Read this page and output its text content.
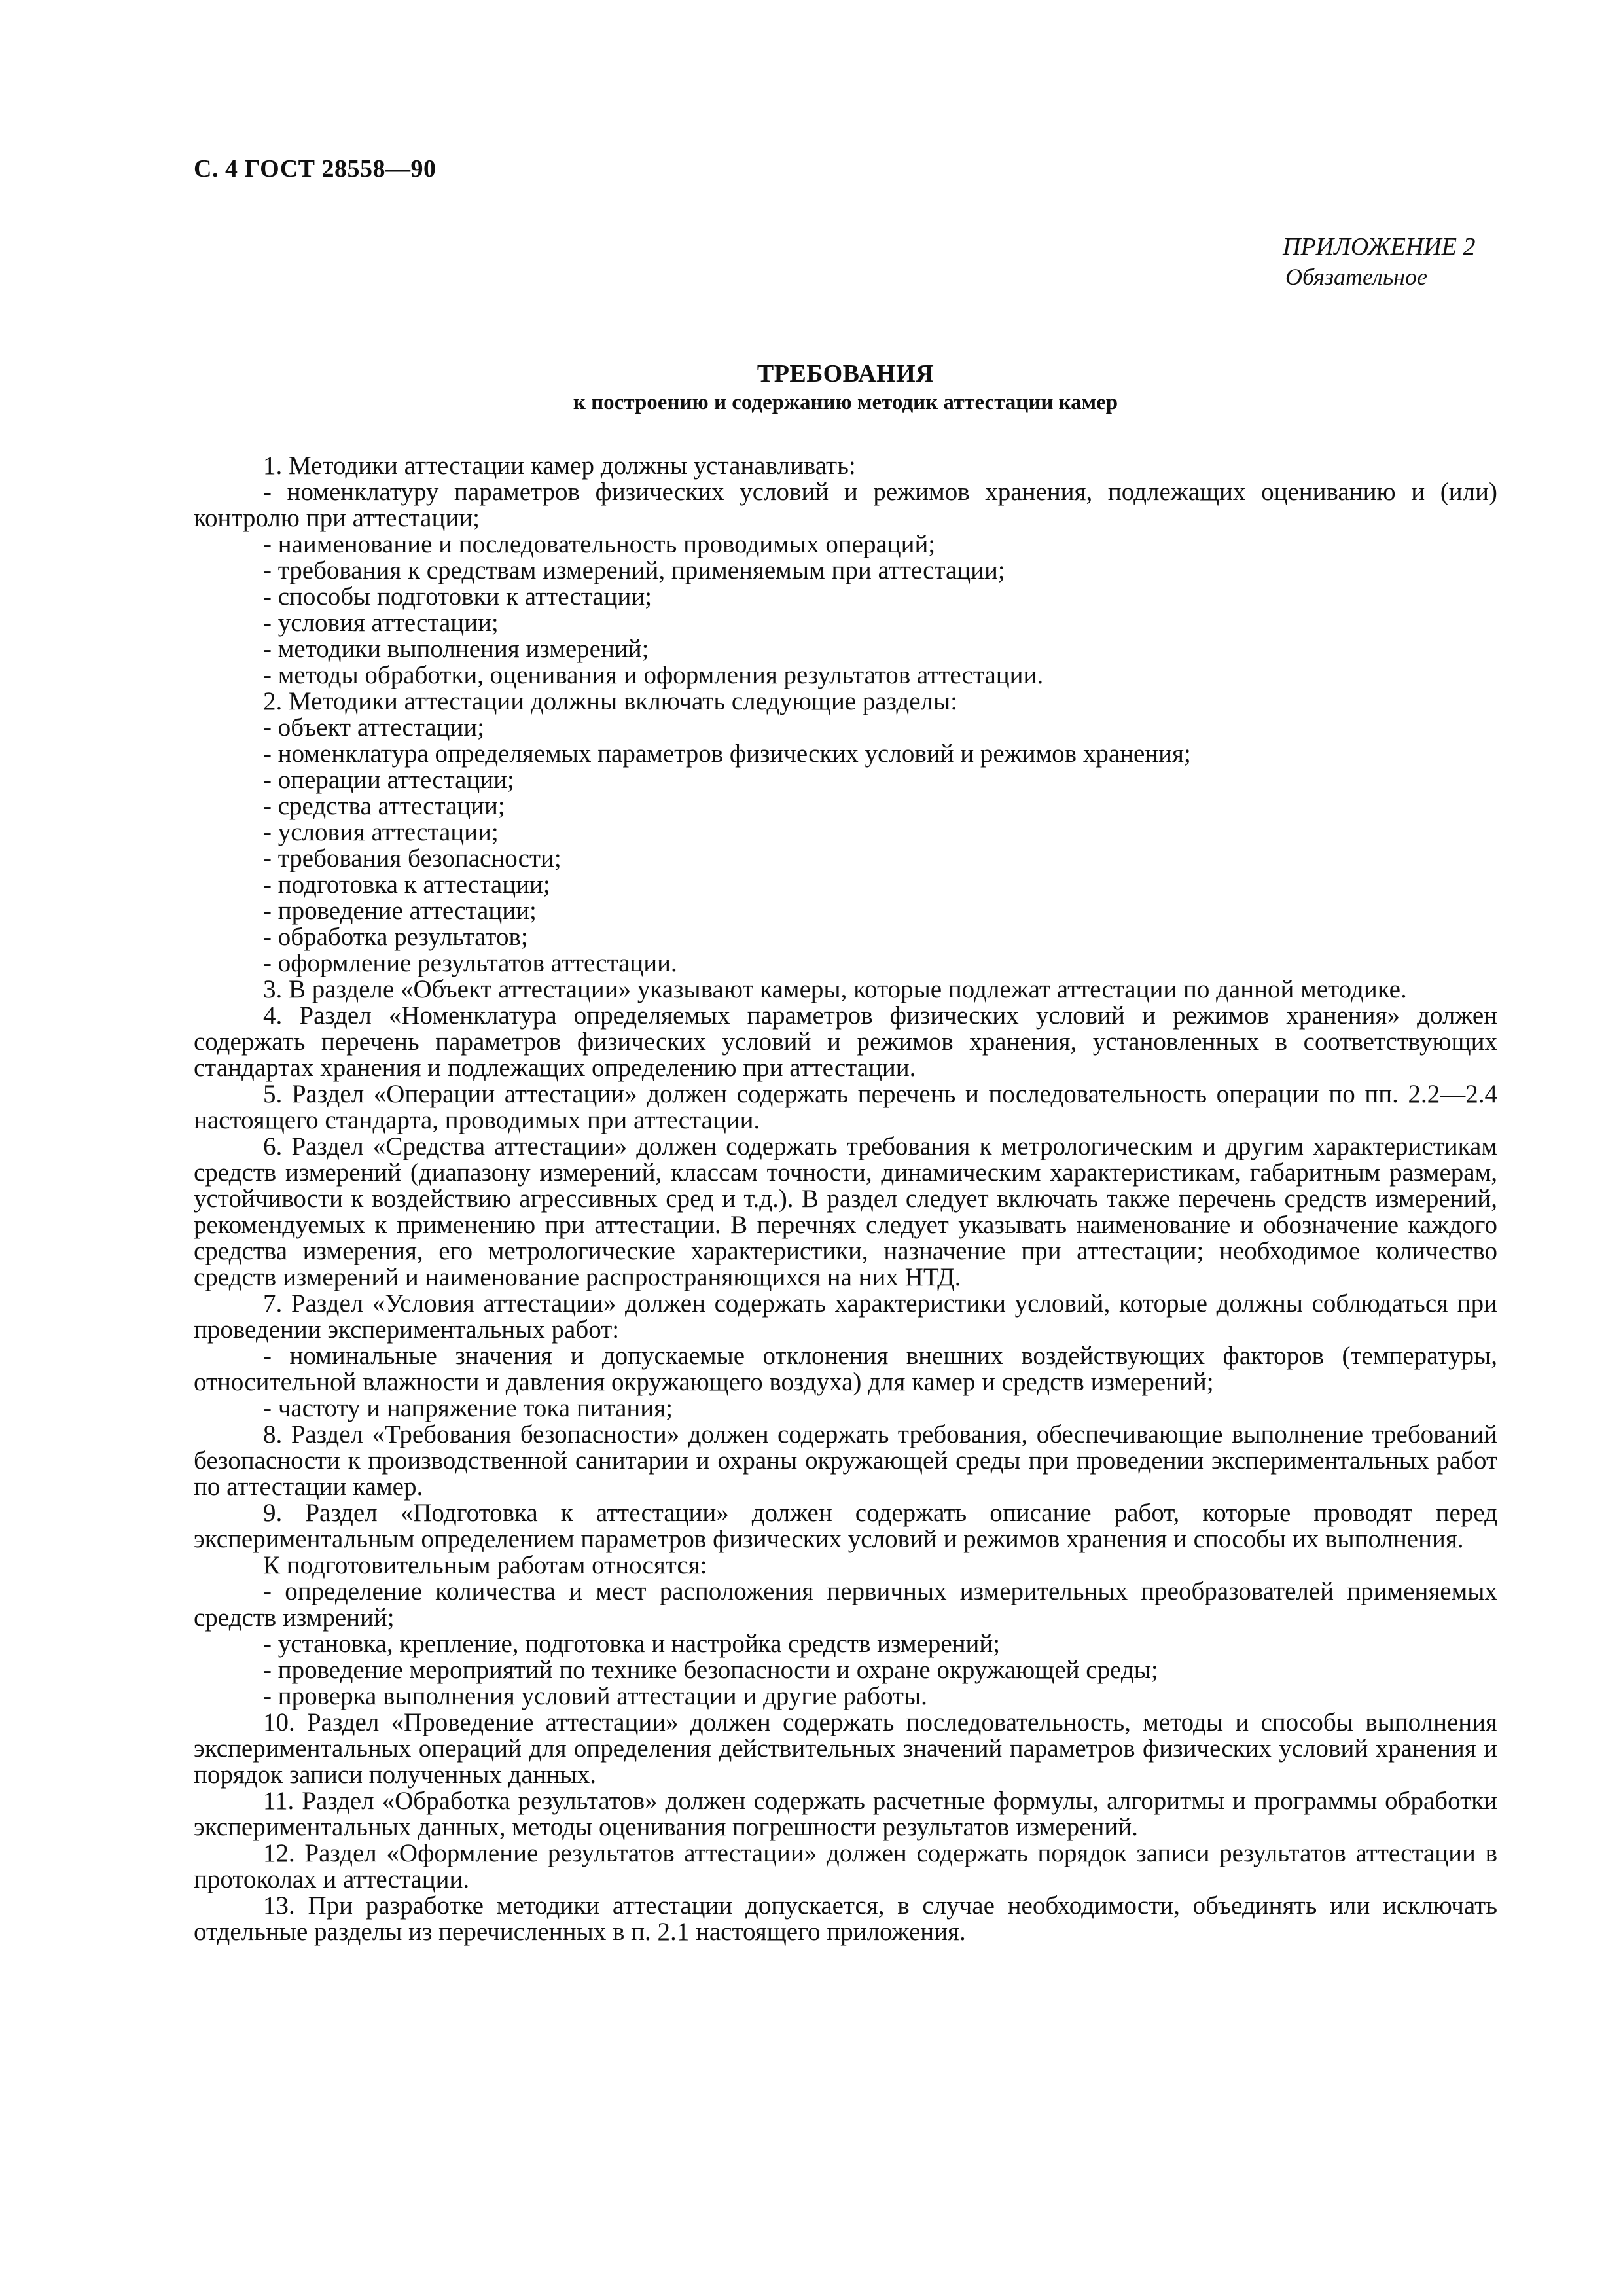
С. 4 ГОСТ 28558—90
ПРИЛОЖЕНИЕ 2
Обязательное
ТРЕБОВАНИЯ
к построению и содержанию методик аттестации камер

1. Методики аттестации камер должны устанавливать:

- номенклатуру параметров физических условий и режимов хранения, подлежащих оцениванию и (или) контролю при аттестации;

- наименование и последовательность проводимых операций;

- требования к средствам измерений, применяемым при аттестации;

- способы подготовки к аттестации;

- условия аттестации;

- методики выполнения измерений;

- методы обработки, оценивания и оформления результатов аттестации.

2. Методики аттестации должны включать следующие разделы:

- объект аттестации;

- номенклатура определяемых параметров физических условий и режимов хранения;

- операции аттестации;

- средства аттестации;

- условия аттестации;

- требования безопасности;

- подготовка к аттестации;

- проведение аттестации;

- обработка результатов;

- оформление результатов аттестации.

3. В разделе «Объект аттестации» указывают камеры, которые подлежат аттестации по данной методике.

4. Раздел «Номенклатура определяемых параметров физических условий и режимов хранения» должен содержать перечень параметров физических условий и режимов хранения, установленных в соответствующих стандартах хранения и подлежащих определению при аттестации.

5. Раздел «Операции аттестации» должен содержать перечень и последовательность операции по пп. 2.2—2.4 настоящего стандарта, проводимых при аттестации.

6. Раздел «Средства аттестации» должен содержать требования к метрологическим и другим характеристикам средств измерений (диапазону измерений, классам точности, динамическим характеристикам, габаритным размерам, устойчивости к воздействию агрессивных сред и т.д.). В раздел следует включать также перечень средств измерений, рекомендуемых к применению при аттестации. В перечнях следует указывать наименование и обозначение каждого средства измерения, его метрологические характеристики, назначение при аттестации; необходимое количество средств измерений и наименование распространяющихся на них НТД.

7. Раздел «Условия аттестации» должен содержать характеристики условий, которые должны соблюдаться при проведении экспериментальных работ:

- номинальные значения и допускаемые отклонения внешних воздействующих факторов (температуры, относительной влажности и давления окружающего воздуха) для камер и средств измерений;

- частоту и напряжение тока питания;

8. Раздел «Требования безопасности» должен содержать требования, обеспечивающие выполнение требований безопасности к производственной санитарии и охраны окружающей среды при проведении экспериментальных работ по аттестации камер.

9. Раздел «Подготовка к аттестации» должен содержать описание работ, которые проводят перед экспериментальным определением параметров физических условий и режимов хранения и способы их выполнения.

К подготовительным работам относятся:

- определение количества и мест расположения первичных измерительных преобразователей применяемых средств измрений;

- установка, крепление, подготовка и настройка средств измерений;

- проведение мероприятий по технике безопасности и охране окружающей среды;

- проверка выполнения условий аттестации и другие работы.

10. Раздел «Проведение аттестации» должен содержать последовательность, методы и способы выполнения экспериментальных операций для определения действительных значений параметров физических условий хранения и порядок записи полученных данных.

11. Раздел «Обработка результатов» должен содержать расчетные формулы, алгоритмы и программы обработки экспериментальных данных, методы оценивания погрешности результатов измерений.

12. Раздел «Оформление результатов аттестации» должен содержать порядок записи результатов аттестации в протоколах и аттестации.

13. При разработке методики аттестации допускается, в случае необходимости, объединять или исключать отдельные разделы из перечисленных в п. 2.1 настоящего приложения.
